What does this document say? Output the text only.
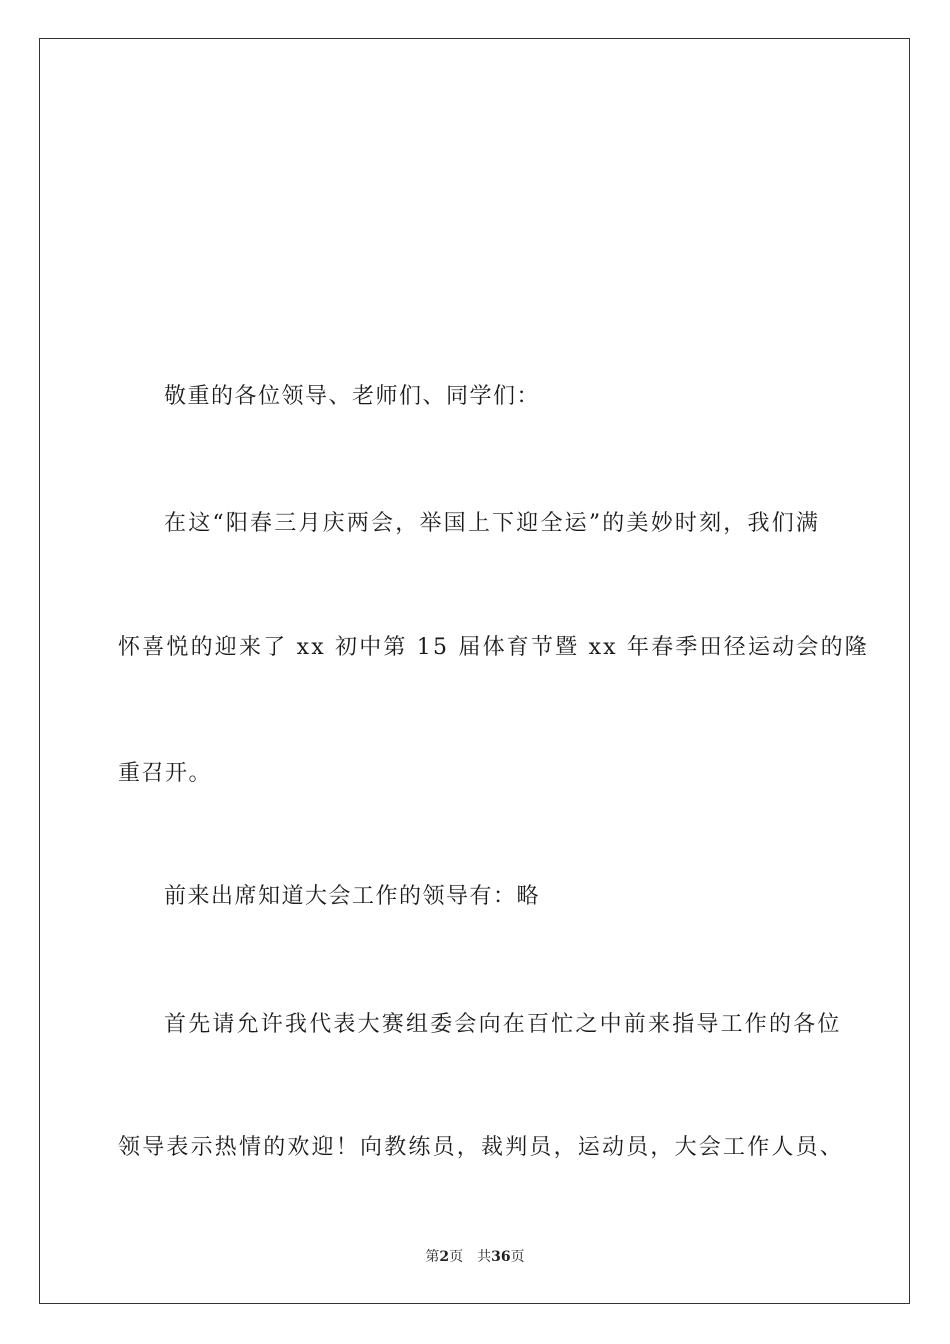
敬重的各位领导、老师们、同学们：
在这“阳春三月庆两会，举国上下迎全运”的美妙时刻，我们满
怀喜悦的迎来了 xx 初中第 15 届体育节暨 xx 年春季田径运动会的隆
重召开。
前来出席知道大会工作的领导有：略
首先请允许我代表大赛组委会向在百忙之中前来指导工作的各位
领导表示热情的欢迎！向教练员，裁判员，运动员，大会工作人员、
第2页 共36页
